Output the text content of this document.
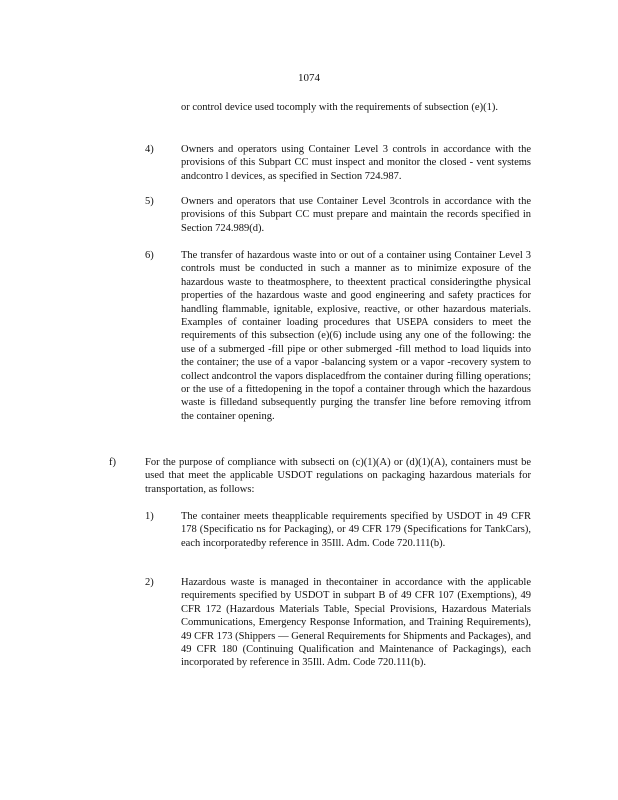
1074
or control device used tocomply with the requirements of subsection (e)(1).
4)	Owners and operators using Container Level 3 controls in accordance with the provisions of this Subpart CC must inspect and monitor the closed - vent systems andcontro l devices, as specified in Section 724.987.
5)	Owners and operators that use Container Level 3controls in accordance with the provisions of this Subpart CC must prepare and maintain the records specified in Section 724.989(d).
6)	The transfer of hazardous waste into or out of a container using Container Level 3 controls must be conducted in such a manner as to minimize exposure of the hazardous waste to theatmosphere, to theextent practical consideringthe physical properties of the hazardous waste and good engineering and safety practices for handling flammable, ignitable, explosive, reactive, or other hazardous materials. Examples of container loading procedures that USEPA considers to meet the requirements of this subsection (e)(6) include using any one of the following: the use of a submerged -fill pipe or other submerged -fill method to load liquids into the container; the use of a vapor -balancing system or a vapor -recovery system to collect andcontrol the vapors displacedfrom the container during filling operations; or the use of a fittedopening in the topof a container through which the hazardous waste is filledand subsequently purging the transfer line before removing itfrom the container opening.
f)	For the purpose of compliance with subsecti on (c)(1)(A) or (d)(1)(A), containers must be used that meet the applicable USDOT regulations on packaging hazardous materials for transportation, as follows:
1)	The container meets theapplicable requirements specified by USDOT in 49 CFR 178 (Specificatio ns for Packaging), or 49 CFR 179 (Specifications for TankCars), each incorporatedby reference in 35Ill. Adm. Code 720.111(b).
2)	Hazardous waste is managed in thecontainer in accordance with the applicable requirements specified by USDOT in subpart B of 49 CFR 107 (Exemptions), 49 CFR 172 (Hazardous Materials Table, Special Provisions, Hazardous Materials Communications, Emergency Response Information, and Training Requirements), 49 CFR 173 (Shippers — General Requirements for Shipments and Packages), and 49 CFR 180 (Continuing Qualification and Maintenance of Packagings), each incorporated by reference in 35Ill. Adm. Code 720.111(b).
